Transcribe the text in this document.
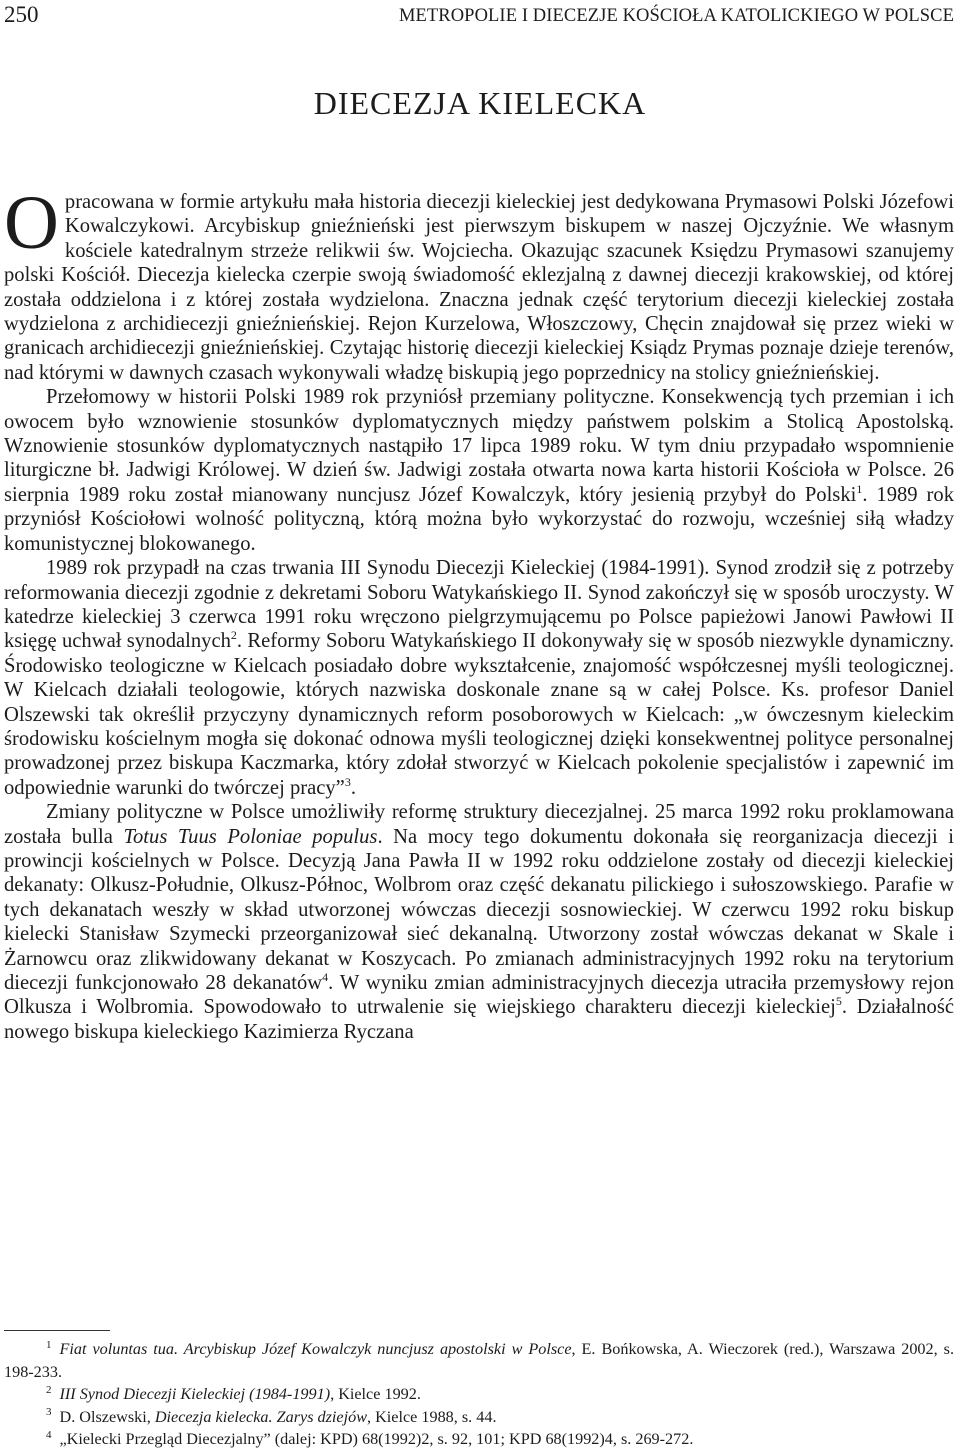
250	METROPOLIE I DIECEZJE KOŚCIOŁA KATOLICKIEGO W POLSCE
DIECEZJA KIELECKA

Opracowana w formie artykułu mała historia diecezji kieleckiej jest dedykowana Prymasowi Polski Józefowi Kowalczykowi. Arcybiskup gnieźnieński jest pierwszym biskupem w naszej Ojczyźnie. We własnym kościele katedralnym strzeże relikwii św. Wojciecha. Okazując szacunek Księdzu Prymasowi szanujemy polski Kościół. Diecezja kielecka czerpie swoją świadomość eklezjalną z dawnej diecezji krakowskiej, od której została oddzielona i z której została wydzielona. Znaczna jednak część terytorium diecezji kieleckiej została wydzielona z archidiecezji gnieźnieńskiej. Rejon Kurzelowa, Włoszczowy, Chęcin znajdował się przez wieki w granicach archidiecezji gnieźnieńskiej. Czytając historię diecezji kieleckiej Ksiądz Prymas poznaje dzieje terenów, nad którymi w dawnych czasach wykonywali władzę biskupią jego poprzednicy na stolicy gnieźnieńskiej.

Przełomowy w historii Polski 1989 rok przyniósł przemiany polityczne. Konsekwencją tych przemian i ich owocem było wznowienie stosunków dyplomatycznych między państwem polskim a Stolicą Apostolską. Wznowienie stosunków dyplomatycznych nastąpiło 17 lipca 1989 roku. W tym dniu przypadało wspomnienie liturgiczne bł. Jadwigi Królowej. W dzień św. Jadwigi została otwarta nowa karta historii Kościoła w Polsce. 26 sierpnia 1989 roku został mianowany nuncjusz Józef Kowalczyk, który jesienią przybył do Polski$^1$. 1989 rok przyniósł Kościołowi wolność polityczną, którą można było wykorzystać do rozwoju, wcześniej siłą władzy komunistycznej blokowanego.

1989 rok przypadł na czas trwania III Synodu Diecezji Kieleckiej (1984-1991). Synod zrodził się z potrzeby reformowania diecezji zgodnie z dekretami Soboru Watykańskiego II. Synod zakończył się w sposób uroczysty. W katedrze kieleckiej 3 czerwca 1991 roku wręczono pielgrzymującemu po Polsce papieżowi Janowi Pawłowi II księgę uchwał synodalnych$^2$. Reformy Soboru Watykańskiego II dokonywały się w sposób niezwykle dynamiczny. Środowisko teologiczne w Kielcach posiadało dobre wykształcenie, znajomość współczesnej myśli teologicznej. W Kielcach działali teologowie, których nazwiska doskonale znane są w całej Polsce. Ks. profesor Daniel Olszewski tak określił przyczyny dynamicznych reform posoborowych w Kielcach: „w ówczesnym kieleckim środowisku kościelnym mogła się dokonać odnowa myśli teologicznej dzięki konsekwentnej polityce personalnej prowadzonej przez biskupa Kaczmarka, który zdołał stworzyć w Kielcach pokolenie specjalistów i zapewnić im odpowiednie warunki do twórczej pracy”$^3$.

Zmiany polityczne w Polsce umożliwiły reformę struktury diecezjalnej. 25 marca 1992 roku proklamowana została bulla Totus Tuus Poloniae populus. Na mocy tego dokumentu dokonała się reorganizacja diecezji i prowincji kościelnych w Polsce. Decyzją Jana Pawła II w 1992 roku oddzielone zostały od diecezji kieleckiej dekanaty: Olkusz-Południe, Olkusz-Północ, Wolbrom oraz część dekanatu pilickiego i sułoszowskiego. Parafie w tych dekanatach weszły w skład utworzonej wówczas diecezji sosnowieckiej. W czerwcu 1992 roku biskup kielecki Stanisław Szymecki przeorganizował sieć dekanalną. Utworzony został wówczas dekanat w Skale i Żarnowcu oraz zlikwidowany dekanat w Koszycach. Po zmianach administracyjnych 1992 roku na terytorium diecezji funkcjonowało 28 dekanatów$^4$. W wyniku zmian administracyjnych diecezja utraciła przemysłowy rejon Olkusza i Wolbromia. Spowodowało to utrwalenie się wiejskiego charakteru diecezji kieleckiej$^5$. Działalność nowego biskupa kieleckiego Kazimierza Ryczana

$^1$ Fiat voluntas tua. Arcybiskup Józef Kowalczyk nuncjusz apostolski w Polsce, E. Bońkowska, A. Wieczorek (red.), Warszawa 2002, s. 198-233.

$^2$ III Synod Diecezji Kieleckiej (1984-1991), Kielce 1992.

$^3$ D. Olszewski, Diecezja kielecka. Zarys dziejów, Kielce 1988, s. 44.

$^4$ „Kielecki Przegląd Diecezjalny” (dalej: KPD) 68(1992)2, s. 92, 101; KPD 68(1992)4, s. 269-272.
